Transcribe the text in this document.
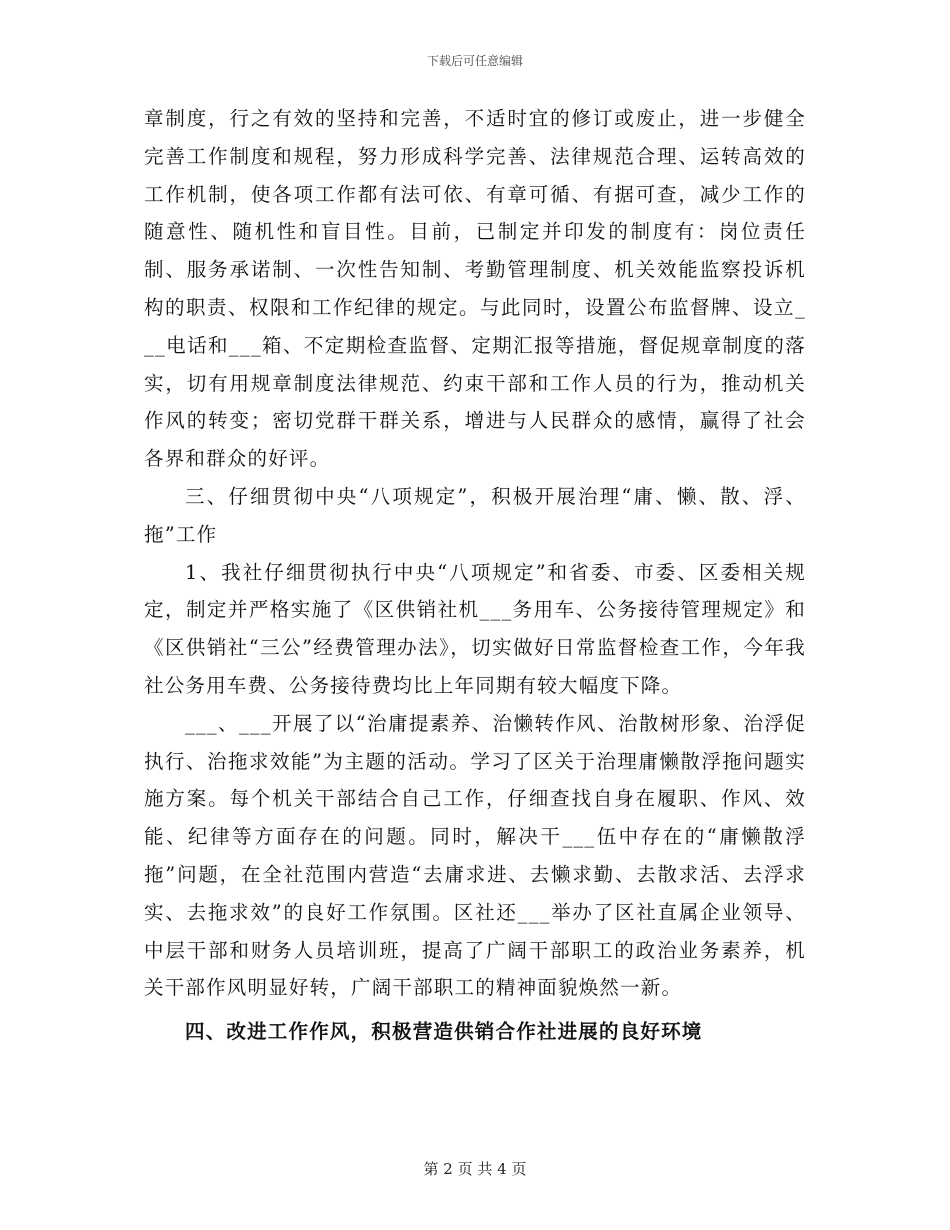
下载后可任意编辑

章制度，行之有效的坚持和完善，不适时宜的修订或废止，进一步健全完善工作制度和规程，努力形成科学完善、法律规范合理、运转高效的工作机制，使各项工作都有法可依、有章可循、有据可查，减少工作的随意性、随机性和盲目性。目前，已制定并印发的制度有：岗位责任制、服务承诺制、一次性告知制、考勤管理制度、机关效能监察投诉机构的职责、权限和工作纪律的规定。与此同时，设置公布监督牌、设立___电话和___箱、不定期检查监督、定期汇报等措施，督促规章制度的落实，切有用规章制度法律规范、约束干部和工作人员的行为，推动机关作风的转变；密切党群干群关系，增进与人民群众的感情，赢得了社会各界和群众的好评。

三、仔细贯彻中央“八项规定”，积极开展治理“庸、懒、散、浮、拖”工作

1、我社仔细贯彻执行中央“八项规定”和省委、市委、区委相关规定，制定并严格实施了《区供销社机___务用车、公务接待管理规定》和《区供销社“三公”经费管理办法》，切实做好日常监督检查工作，今年我社公务用车费、公务接待费均比上年同期有较大幅度下降。

___、___开展了以“治庸提素养、治懒转作风、治散树形象、治浮促执行、治拖求效能”为主题的活动。学习了区关于治理庸懒散浮拖问题实施方案。每个机关干部结合自己工作，仔细查找自身在履职、作风、效能、纪律等方面存在的问题。同时，解决干___伍中存在的“庸懒散浮拖”问题，在全社范围内营造“去庸求进、去懒求勤、去散求活、去浮求实、去拖求效”的良好工作氛围。区社还___举办了区社直属企业领导、中层干部和财务人员培训班，提高了广阔干部职工的政治业务素养，机关干部作风明显好转，广阔干部职工的精神面貌焕然一新。

四、改进工作作风，积极营造供销合作社进展的良好环境

第 2 页 共 4 页
